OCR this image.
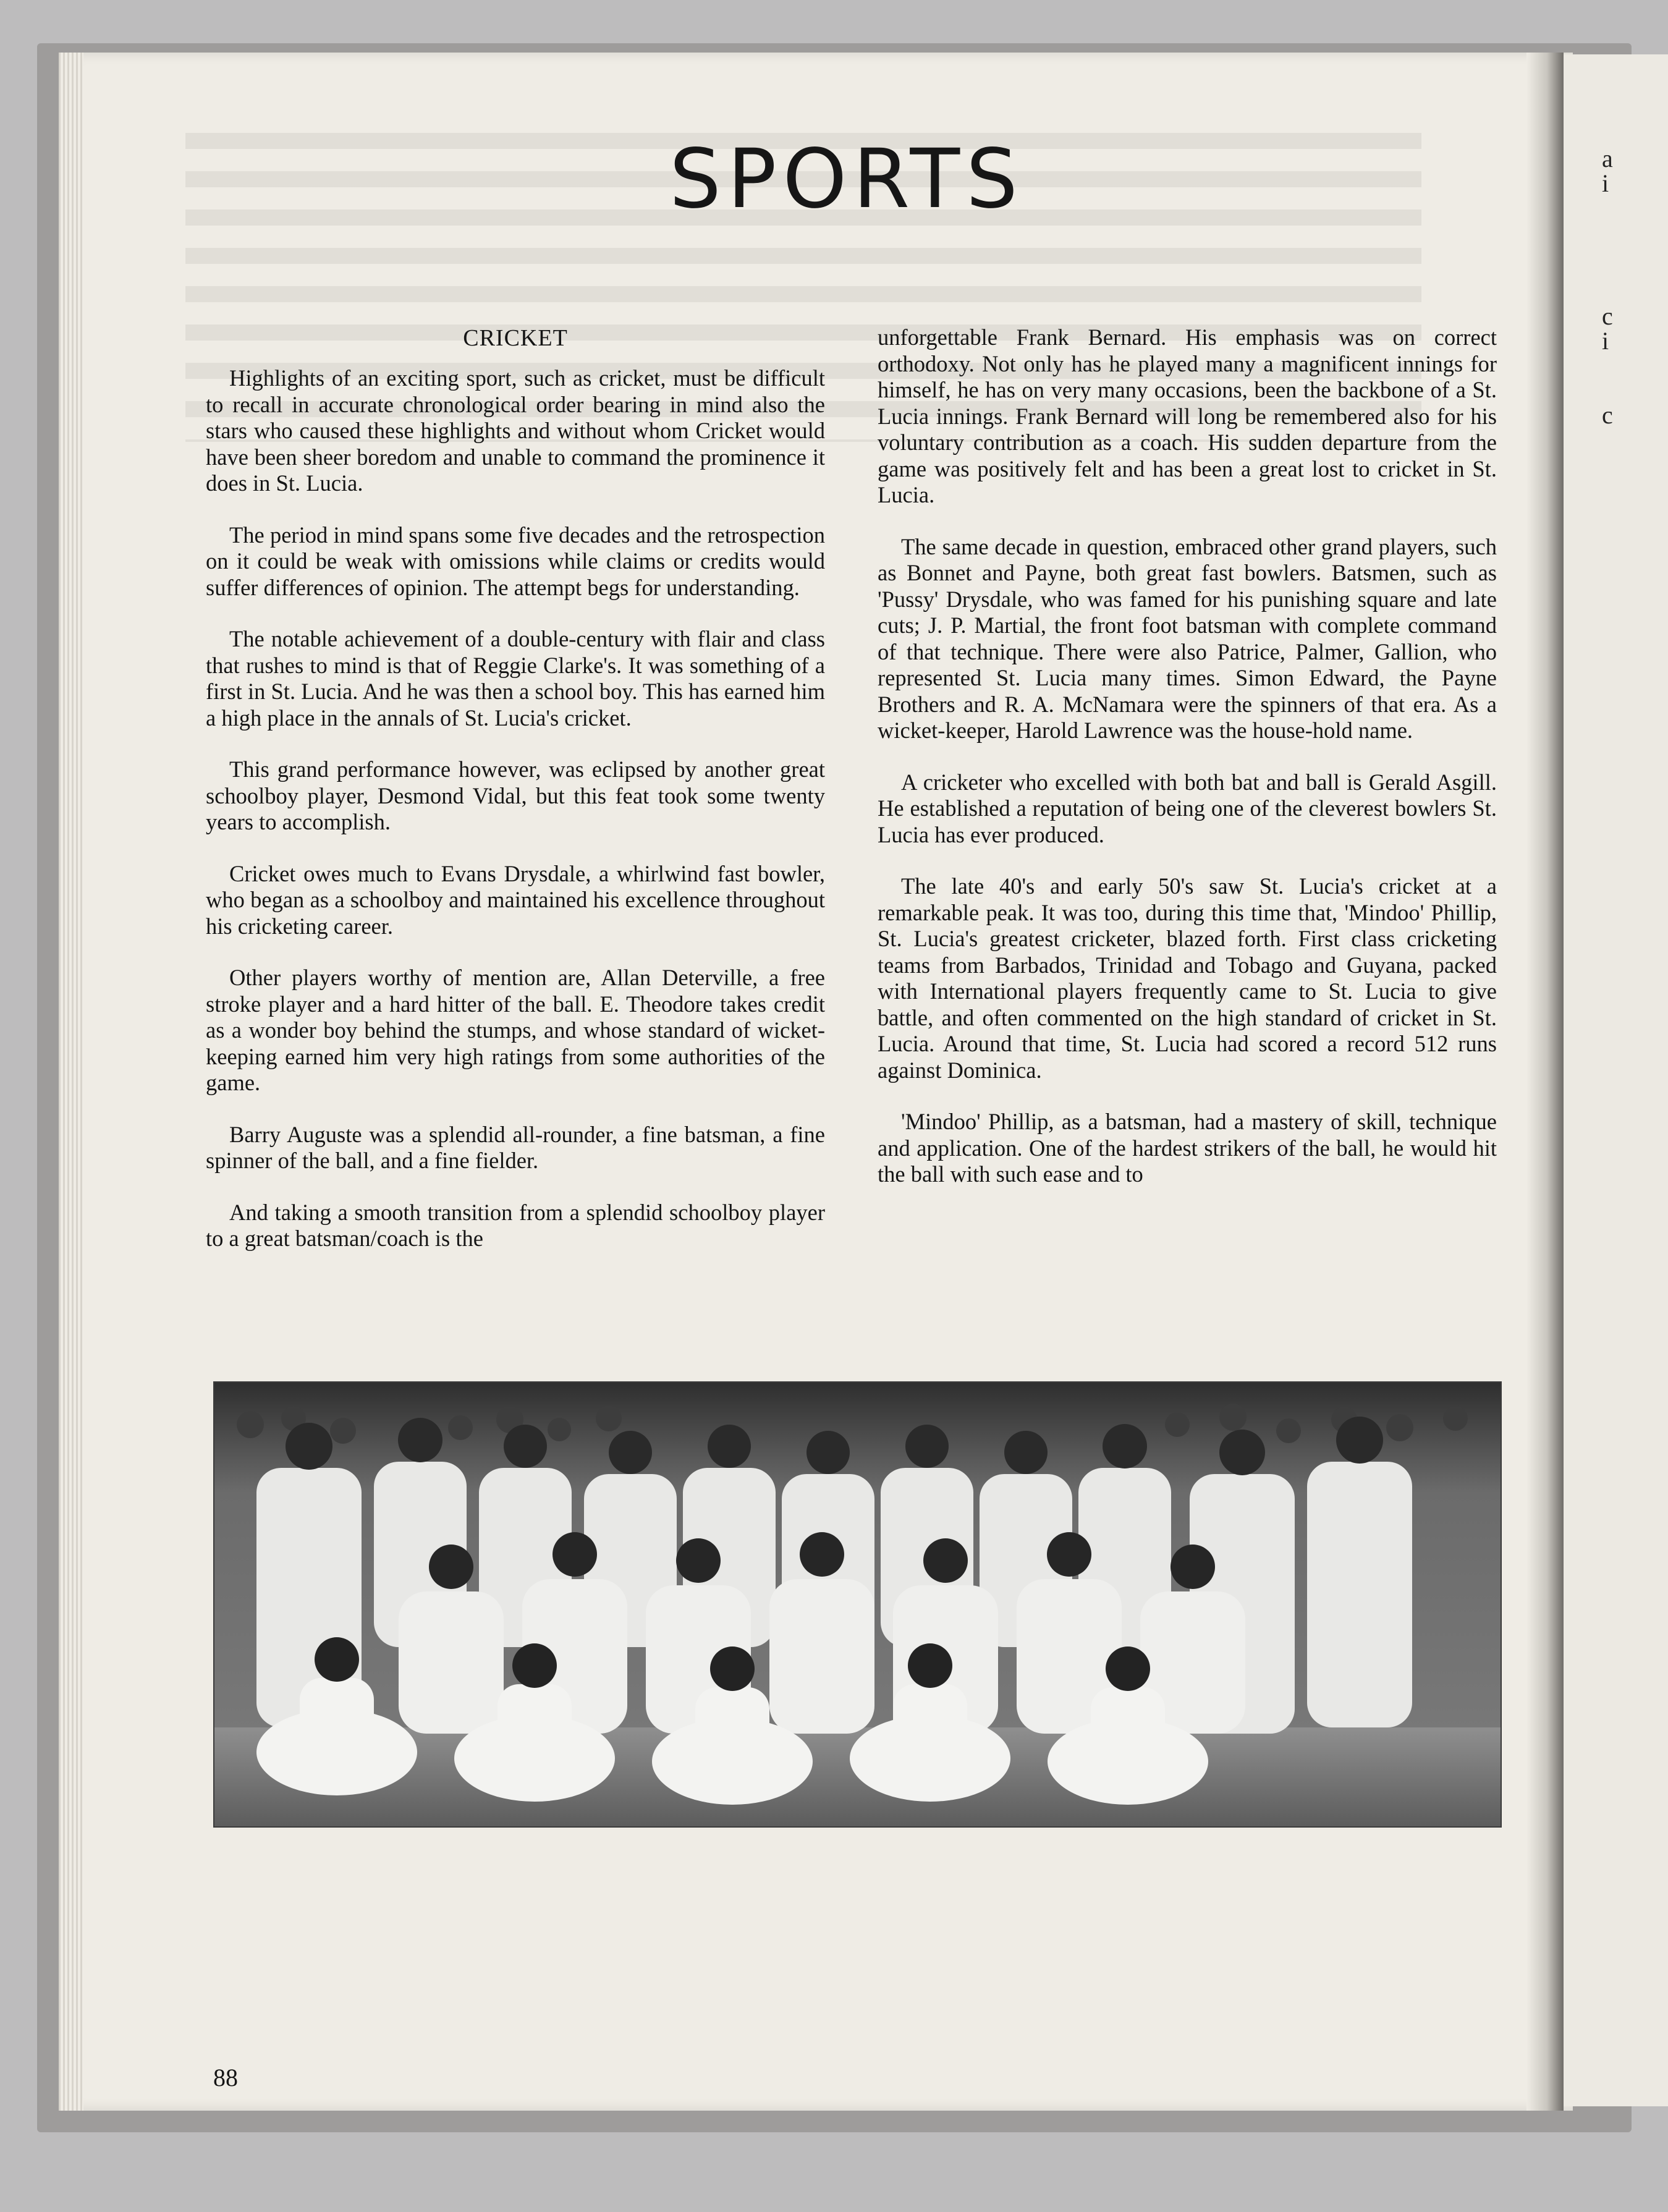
a
i
c
i
c
SPORTS
CRICKET

Highlights of an exciting sport, such as cricket, must be difficult to recall in accurate chronological order bearing in mind also the stars who caused these highlights and without whom Cricket would have been sheer boredom and unable to command the prominence it does in St. Lucia.

The period in mind spans some five decades and the retrospection on it could be weak with omissions while claims or credits would suffer differences of opinion. The attempt begs for understanding.

The notable achievement of a double-century with flair and class that rushes to mind is that of Reggie Clarke's. It was something of a first in St. Lucia. And he was then a school boy. This has earned him a high place in the annals of St. Lucia's cricket.

This grand performance however, was eclipsed by another great schoolboy player, Desmond Vidal, but this feat took some twenty years to accomplish.

Cricket owes much to Evans Drysdale, a whirlwind fast bowler, who began as a schoolboy and maintained his excellence throughout his cricketing career.

Other players worthy of mention are, Allan Deterville, a free stroke player and a hard hitter of the ball. E. Theodore takes credit as a wonder boy behind the stumps, and whose standard of wicket-keeping earned him very high ratings from some authorities of the game.

Barry Auguste was a splendid all-rounder, a fine batsman, a fine spinner of the ball, and a fine fielder.

And taking a smooth transition from a splendid schoolboy player to a great batsman/coach is the

unforgettable Frank Bernard. His emphasis was on correct orthodoxy. Not only has he played many a magnificent innings for himself, he has on very many occasions, been the backbone of a St. Lucia innings. Frank Bernard will long be remembered also for his voluntary contribution as a coach. His sudden departure from the game was positively felt and has been a great lost to cricket in St. Lucia.

The same decade in question, embraced other grand players, such as Bonnet and Payne, both great fast bowlers. Batsmen, such as 'Pussy' Drysdale, who was famed for his punishing square and late cuts; J. P. Martial, the front foot batsman with complete command of that technique. There were also Patrice, Palmer, Gallion, who represented St. Lucia many times. Simon Edward, the Payne Brothers and R. A. McNamara were the spinners of that era. As a wicket-keeper, Harold Lawrence was the house-hold name.

A cricketer who excelled with both bat and ball is Gerald Asgill. He established a reputation of being one of the cleverest bowlers St. Lucia has ever produced.

The late 40's and early 50's saw St. Lucia's cricket at a remarkable peak. It was too, during this time that, 'Mindoo' Phillip, St. Lucia's greatest cricketer, blazed forth. First class cricketing teams from Barbados, Trinidad and Tobago and Guyana, packed with International players frequently came to St. Lucia to give battle, and often commented on the high standard of cricket in St. Lucia. Around that time, St. Lucia had scored a record 512 runs against Dominica.

'Mindoo' Phillip, as a batsman, had a mastery of skill, technique and application. One of the hardest strikers of the ball, he would hit the ball with such ease and to

88
